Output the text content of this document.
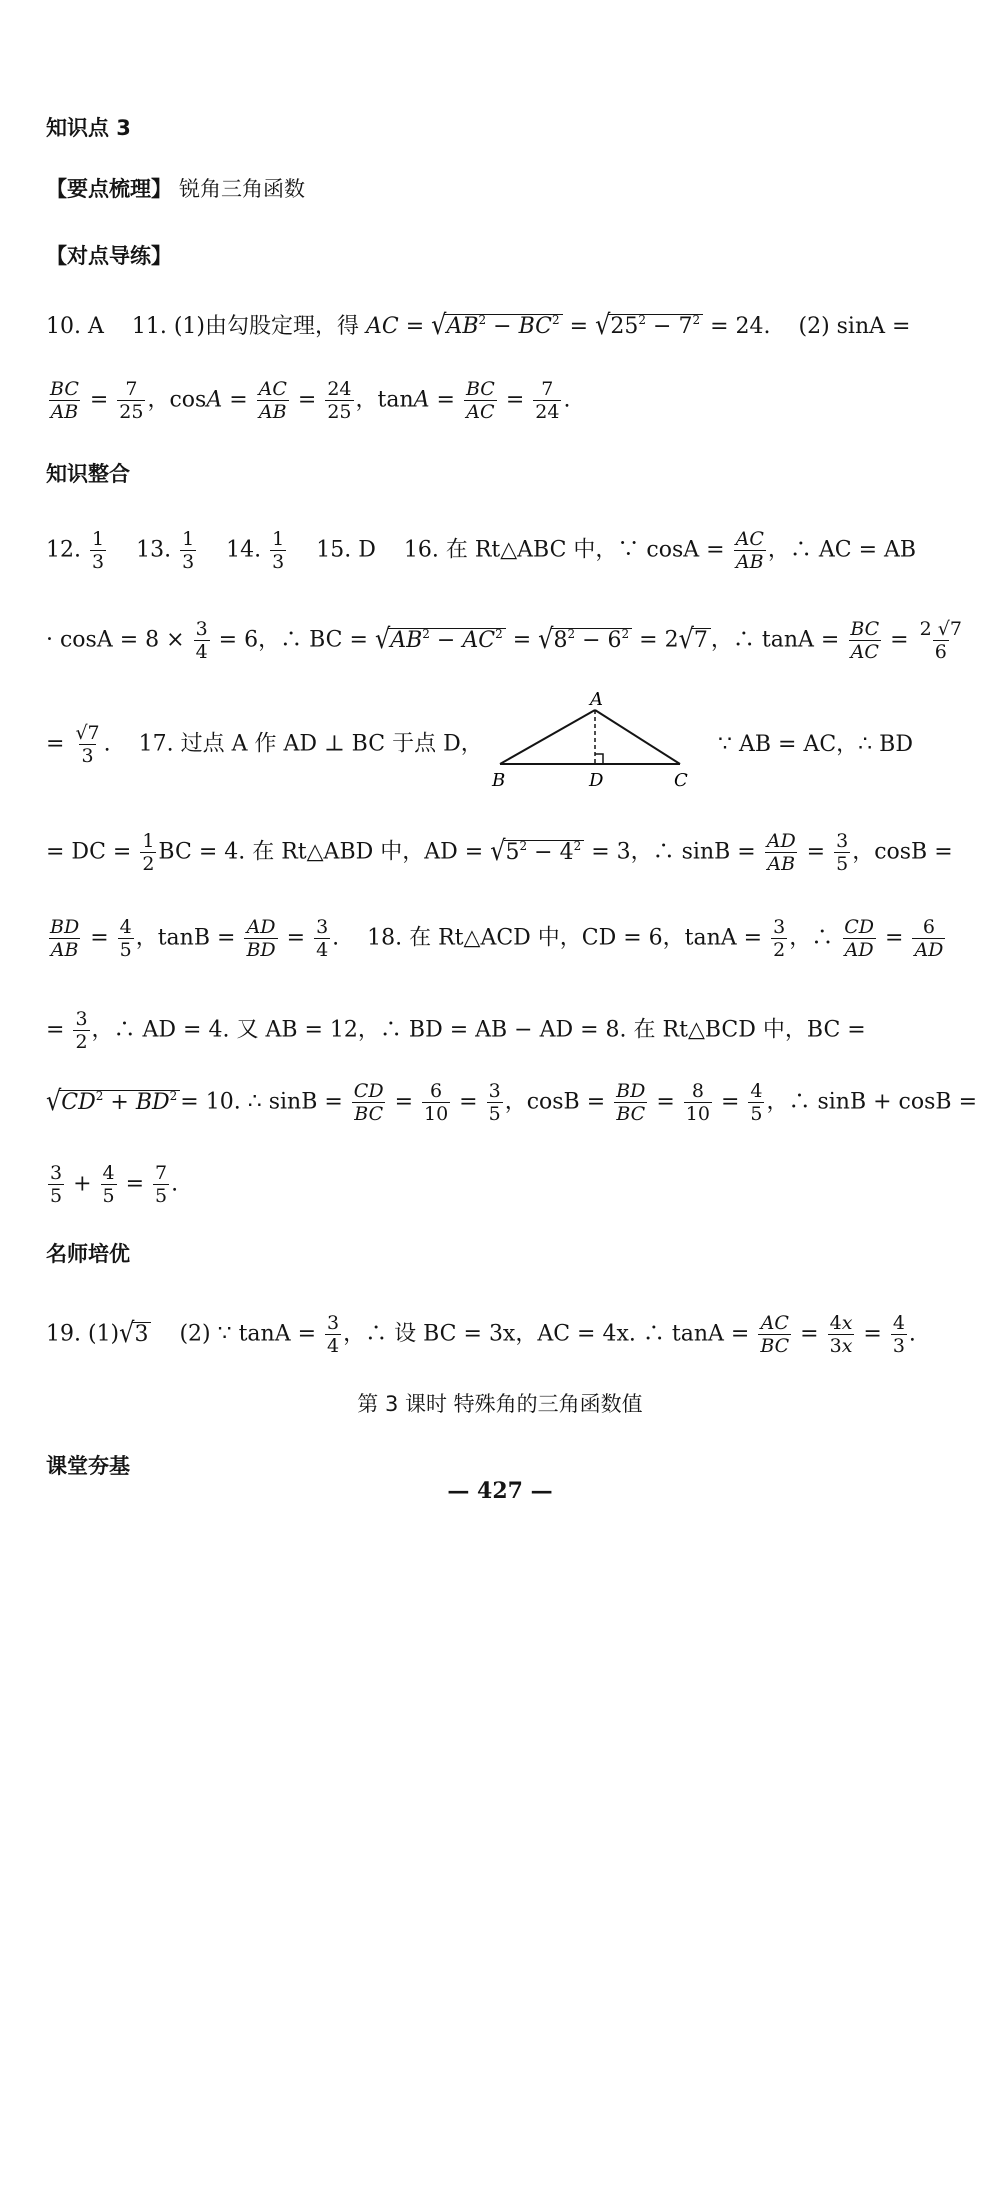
知识点 3
【要点梳理】 锐角三角函数
【对点导练】
10. A 11. (1)由勾股定理，得 AC = $√AB^2 - BC^2 = √25^2 - 7^2 = 24$. (2) sinA =
$\frac{BC}{AB} = \frac{7}{25}$ ，$\cos A = \frac{AC}{AB} = \frac{24}{25}$ ，$\tan A = \frac{BC}{AC} = \frac{7}{24}$ .
知识整合
12. $\frac{1}{3} 13$. $\frac{1}{3} 14$. $\frac{1}{3} 15$. D 16. 在 Rt△ABC 中，∵ $\cos A = \frac{AC}{AB}$ ，∴ AC = AB
· $\cos A = 8 \times \frac{3}{4} = 6$，∴ BC = $√AB^2 - AC^2 = √8^2 - 6^2 = 2√7$ ，∴ $\tan A = \frac{BC}{AC} = \frac{2 √7}{6}$
= $\frac{√7}{3}$ . 17. 过点 A 作 AD ⊥ BC 于点 D，
A
B	D	C
∵ AB = AC，∴ BD
= DC = $\frac{1}{2}$ BC = 4. 在 Rt△ABD 中，AD = $√5^2 - 4^2 = 3$，∴ $\sin B = \frac{AD}{AB} = \frac{3}{5}$ ，cosB =
$\frac{BD}{AB} = \frac{4}{5}$ ，$\tan B = \frac{AD}{BD} = \frac{3}{4}$ .    18. 在 Rt△ACD 中，CD = 6，$\tan A = \frac{3}{2}$ ，∴ $\frac{CD}{AD} = \frac{6}{AD}$
= $\frac{3}{2}$ ，∴ AD = 4. 又 AB = 12，∴ BD = AB − AD = 8. 在 Rt△BCD 中，BC =
$√CD^2 + BD^2 = 10$. ∴ $\sin B = \frac{CD}{BC} = \frac{6}{10} = \frac{3}{5}$ ，$\cos B = \frac{BD}{BC} = \frac{8}{10} = \frac{4}{5}$ ，∴ sinB + cosB =
$\frac{3}{5} + \frac{4}{5} = \frac{7}{5}$ .
名师培优
19. (1)√3 (2) ∵ $\tan A = \frac{3}{4}$ ，∴ 设 BC = 3x，AC = 4x. ∴ $\tan A = \frac{AC}{BC} = \frac{4x}{3x} = \frac{4}{3}$ .
第 3 课时 特殊角的三角函数值
课堂夯基
— 427 —
